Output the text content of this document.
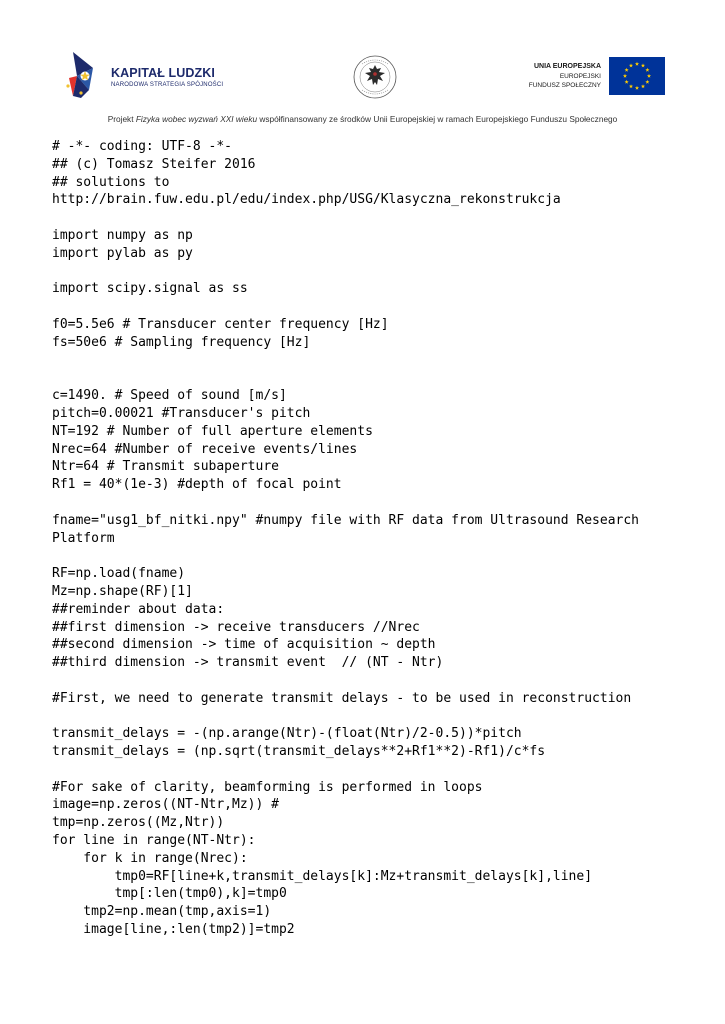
KAPITAŁ LUDZKI
NARODOWA STRATEGIA SPÓJNOŚCI
UNIA EUROPEJSKA
EUROPEJSKI
FUNDUSZ SPOŁECZNY
Projekt Fizyka wobec wyzwań XXI wieku współfinansowany ze środków Unii Europejskiej w ramach Europejskiego Funduszu Społecznego
# -*- coding: UTF-8 -*-
## (c) Tomasz Steifer 2016
## solutions to
http://brain.fuw.edu.pl/edu/index.php/USG/Klasyczna_rekonstrukcja
import numpy as np
import pylab as py
import scipy.signal as ss
f0=5.5e6 # Transducer center frequency [Hz]
fs=50e6 # Sampling frequency [Hz]
c=1490. # Speed of sound [m/s]
pitch=0.00021 #Transducer's pitch
NT=192 # Number of full aperture elements
Nrec=64 #Number of receive events/lines
Ntr=64 # Transmit subaperture
Rf1 = 40*(1e-3) #depth of focal point
fname="usg1_bf_nitki.npy" #numpy file with RF data from Ultrasound Research
Platform
RF=np.load(fname)
Mz=np.shape(RF)[1]
##reminder about data:
##first dimension -> receive transducers //Nrec
##second dimension -> time of acquisition ~ depth
##third dimension -> transmit event  // (NT - Ntr)
#First, we need to generate transmit delays - to be used in reconstruction
transmit_delays = -(np.arange(Ntr)-(float(Ntr)/2-0.5))*pitch
transmit_delays = (np.sqrt(transmit_delays**2+Rf1**2)-Rf1)/c*fs
#For sake of clarity, beamforming is performed in loops
image=np.zeros((NT-Ntr,Mz)) #
tmp=np.zeros((Mz,Ntr))
for line in range(NT-Ntr):
for k in range(Nrec):
tmp0=RF[line+k,transmit_delays[k]:Mz+transmit_delays[k],line]
tmp[:len(tmp0),k]=tmp0
tmp2=np.mean(tmp,axis=1)
image[line,:len(tmp2)]=tmp2
